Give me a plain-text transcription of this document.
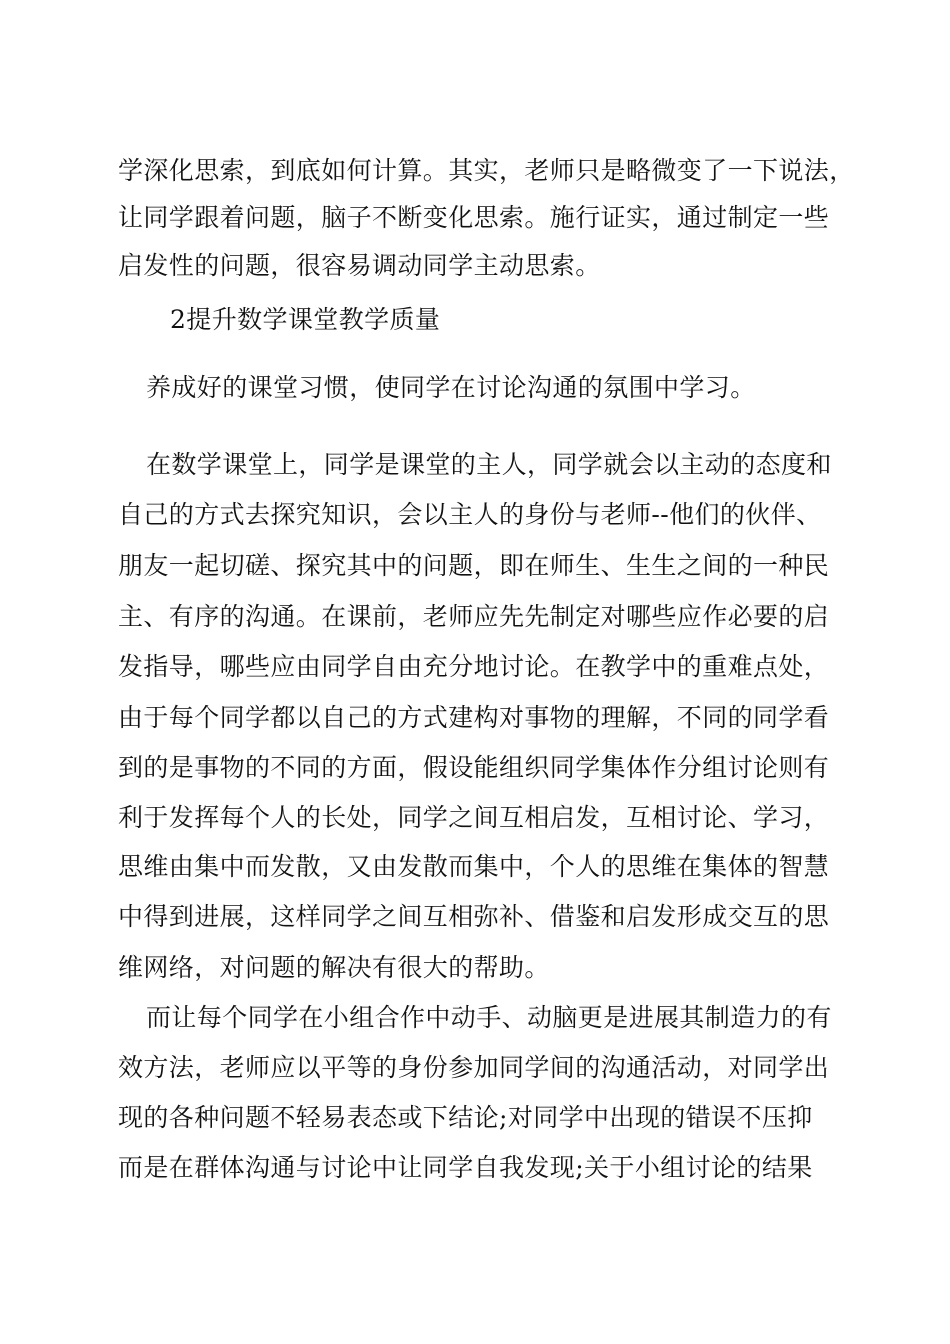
学深化思索，到底如何计算。其实，老师只是略微变了一下说法，
让同学跟着问题，脑子不断变化思索。施行证实，通过制定一些
启发性的问题，很容易调动同学主动思索。
2提升数学课堂教学质量
养成好的课堂习惯，使同学在讨论沟通的氛围中学习。
在数学课堂上，同学是课堂的主人，同学就会以主动的态度和
自己的方式去探究知识，会以主人的身份与老师--他们的伙伴、
朋友一起切磋、探究其中的问题，即在师生、生生之间的一种民
主、有序的沟通。在课前，老师应先先制定对哪些应作必要的启
发指导，哪些应由同学自由充分地讨论。在教学中的重难点处，
由于每个同学都以自己的方式建构对事物的理解，不同的同学看
到的是事物的不同的方面，假设能组织同学集体作分组讨论则有
利于发挥每个人的长处，同学之间互相启发，互相讨论、学习，
思维由集中而发散，又由发散而集中，个人的思维在集体的智慧
中得到进展，这样同学之间互相弥补、借鉴和启发形成交互的思
维网络，对问题的解决有很大的帮助。
而让每个同学在小组合作中动手、动脑更是进展其制造力的有
效方法，老师应以平等的身份参加同学间的沟通活动，对同学出
现的各种问题不轻易表态或下结论;对同学中出现的错误不压抑
而是在群体沟通与讨论中让同学自我发现;关于小组讨论的结果
